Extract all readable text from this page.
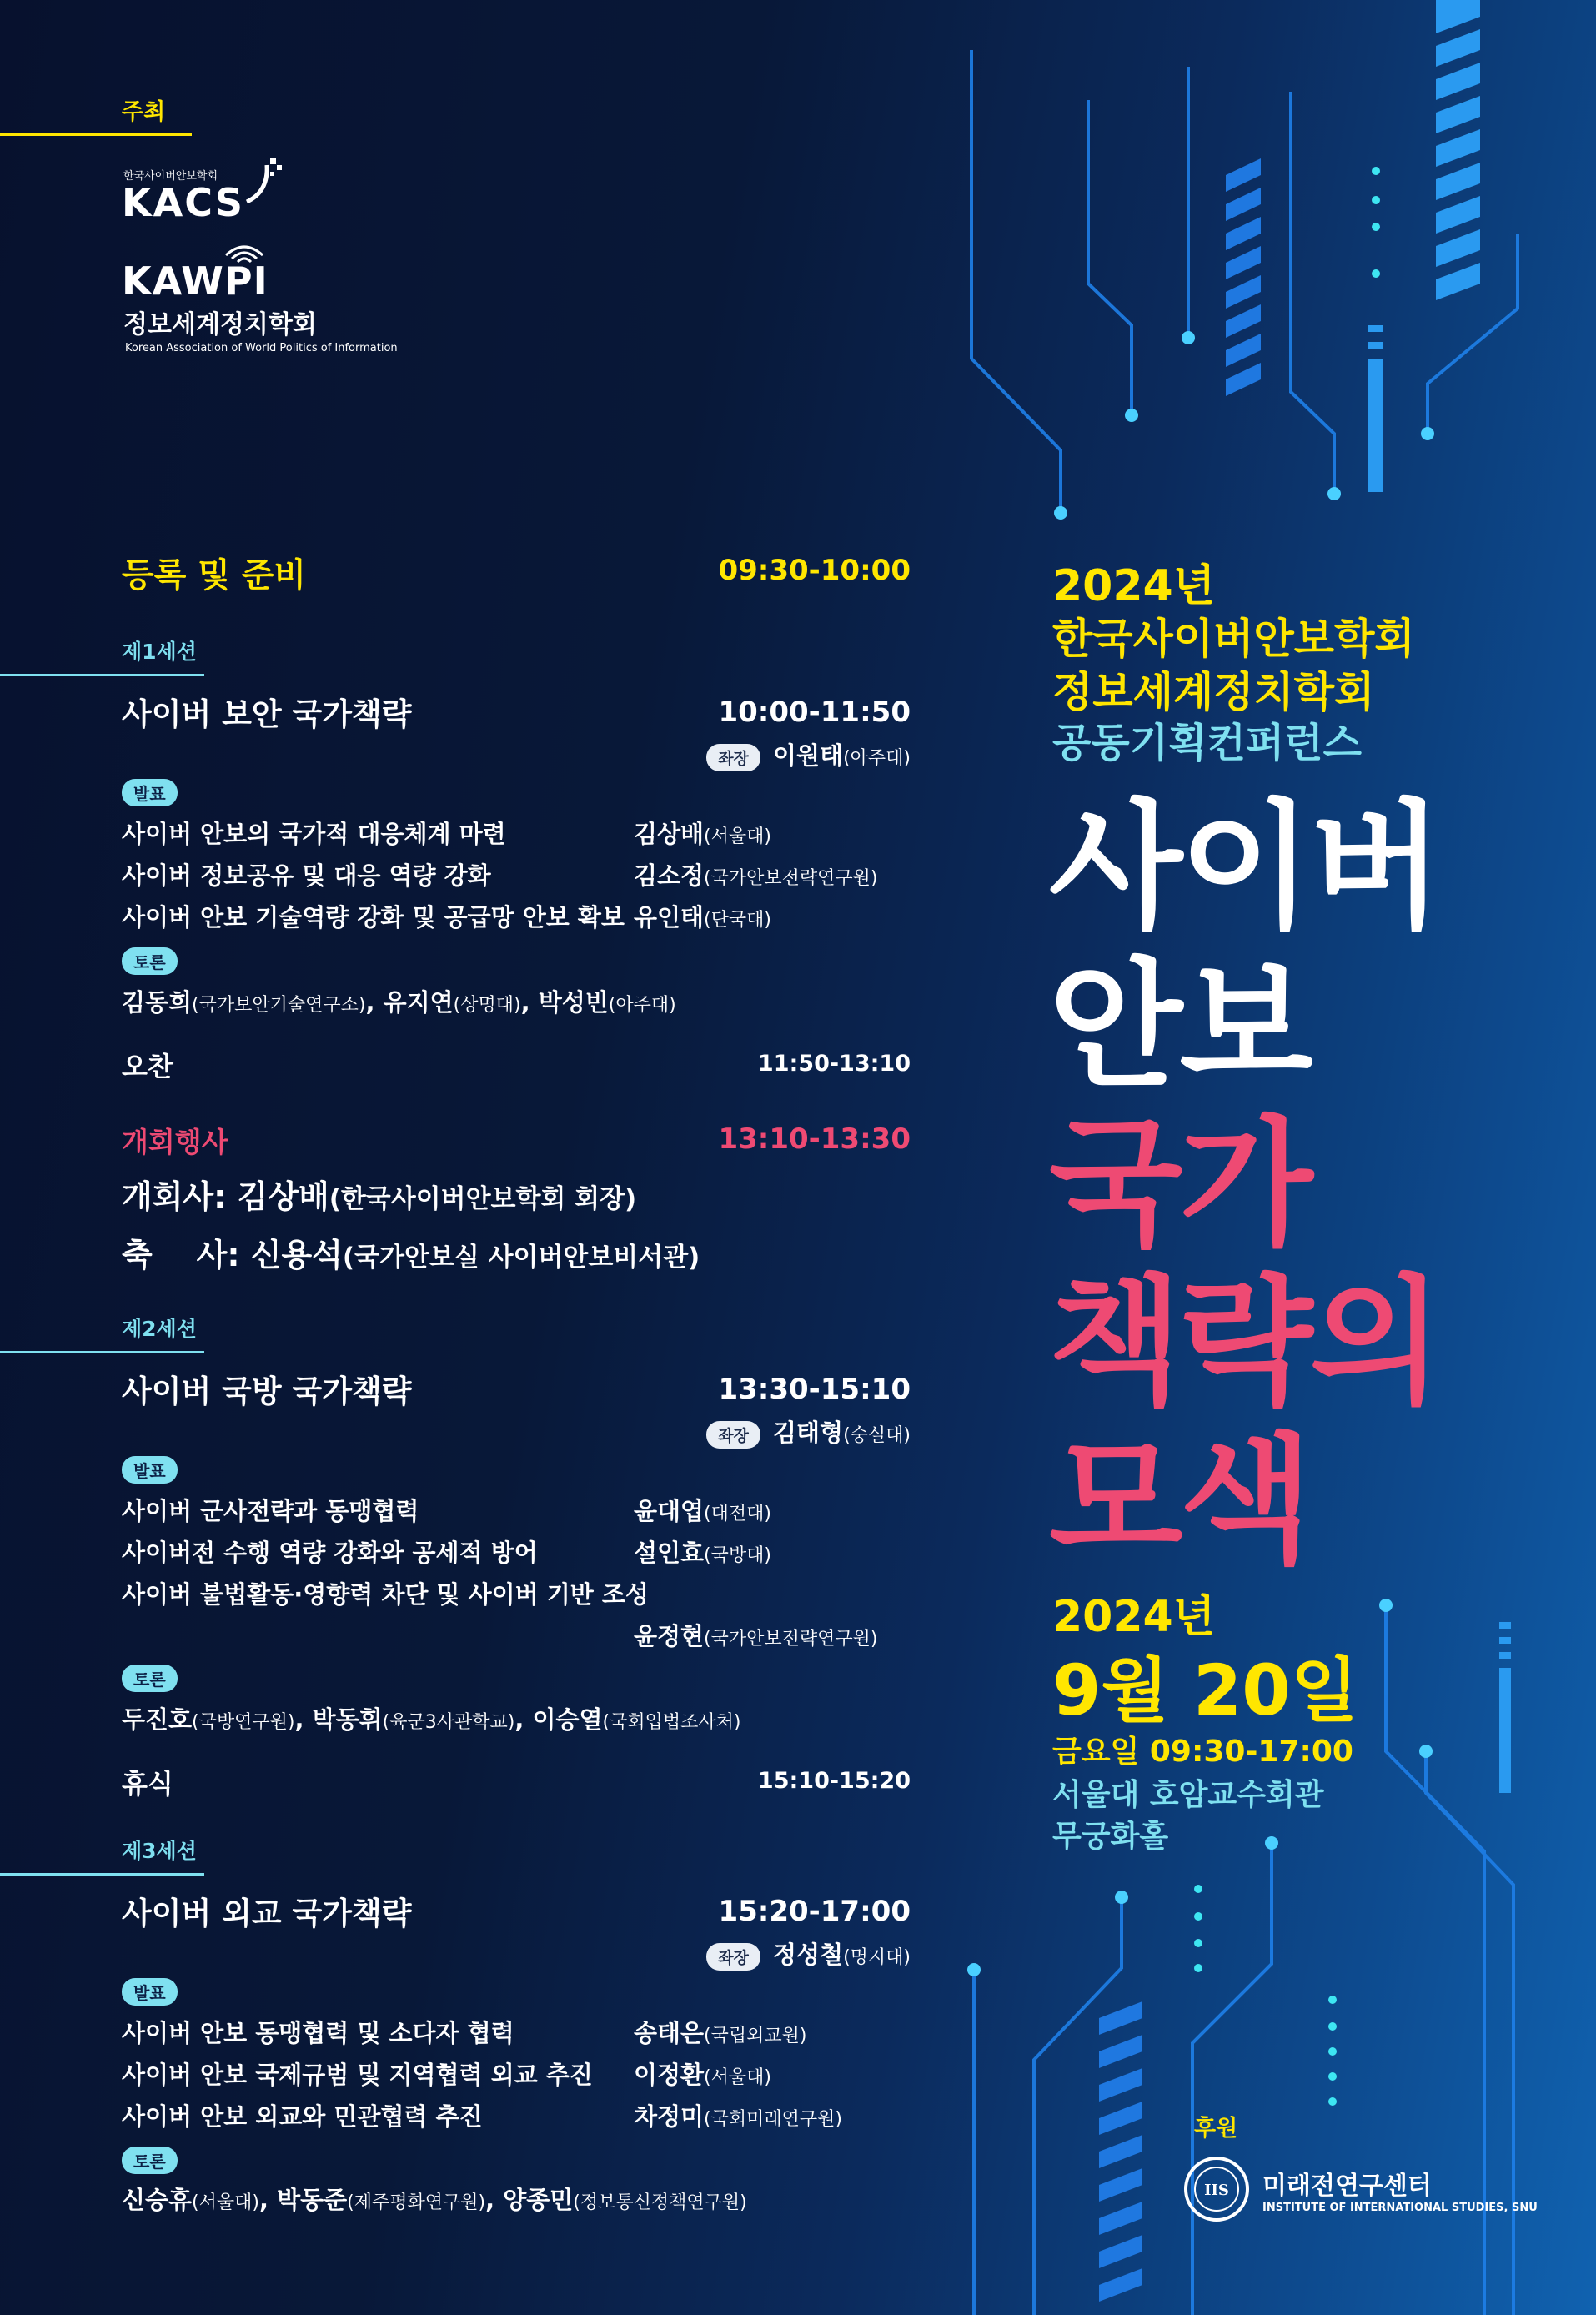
주최
한국사이버안보학회
KACS
KAWPI
정보세계정치학회
Korean Association of World Politics of Information
등록 및 준비	09:30-10:00
제1세션
사이버 보안 국가책략	10:00-11:50
좌장 이원태(아주대)
발표
사이버 안보의 국가적 대응체계 마련	김상배(서울대)
사이버 정보공유 및 대응 역량 강화	김소정(국가안보전략연구원)
사이버 안보 기술역량 강화 및 공급망 안보 확보 유인태(단국대)
토론
김동희(국가보안기술연구소), 유지연(상명대), 박성빈(아주대)
오찬	11:50-13:10
개회행사	13:10-13:30
개회사: 김상배(한국사이버안보학회 회장)
축    사: 신용석(국가안보실 사이버안보비서관)
제2세션
사이버 국방 국가책략	13:30-15:10
좌장 김태형(숭실대)
발표
사이버 군사전략과 동맹협력	윤대엽(대전대)
사이버전 수행 역량 강화와 공세적 방어	설인효(국방대)
사이버 불법활동·영향력 차단 및 사이버 기반 조성
윤정현(국가안보전략연구원)
토론
두진호(국방연구원), 박동휘(육군3사관학교), 이승열(국회입법조사처)
휴식	15:10-15:20
제3세션
사이버 외교 국가책략	15:20-17:00
좌장 정성철(명지대)
발표
사이버 안보 동맹협력 및 소다자 협력	송태은(국립외교원)
사이버 안보 국제규범 및 지역협력 외교 추진 이정환(서울대)
사이버 안보 외교와 민관협력 추진	차정미(국회미래연구원)
토론
신승휴(서울대), 박동준(제주평화연구원), 양종민(정보통신정책연구원)
2024년
한국사이버안보학회
정보세계정치학회
공동기획컨퍼런스
사이버
안보
국가
책략의
모색
2024년
9월 20일
금요일 09:30-17:00
서울대 호암교수회관
무궁화홀
후원
IIS 미래전연구센터
INSTITUTE OF INTERNATIONAL STUDIES, SNU
